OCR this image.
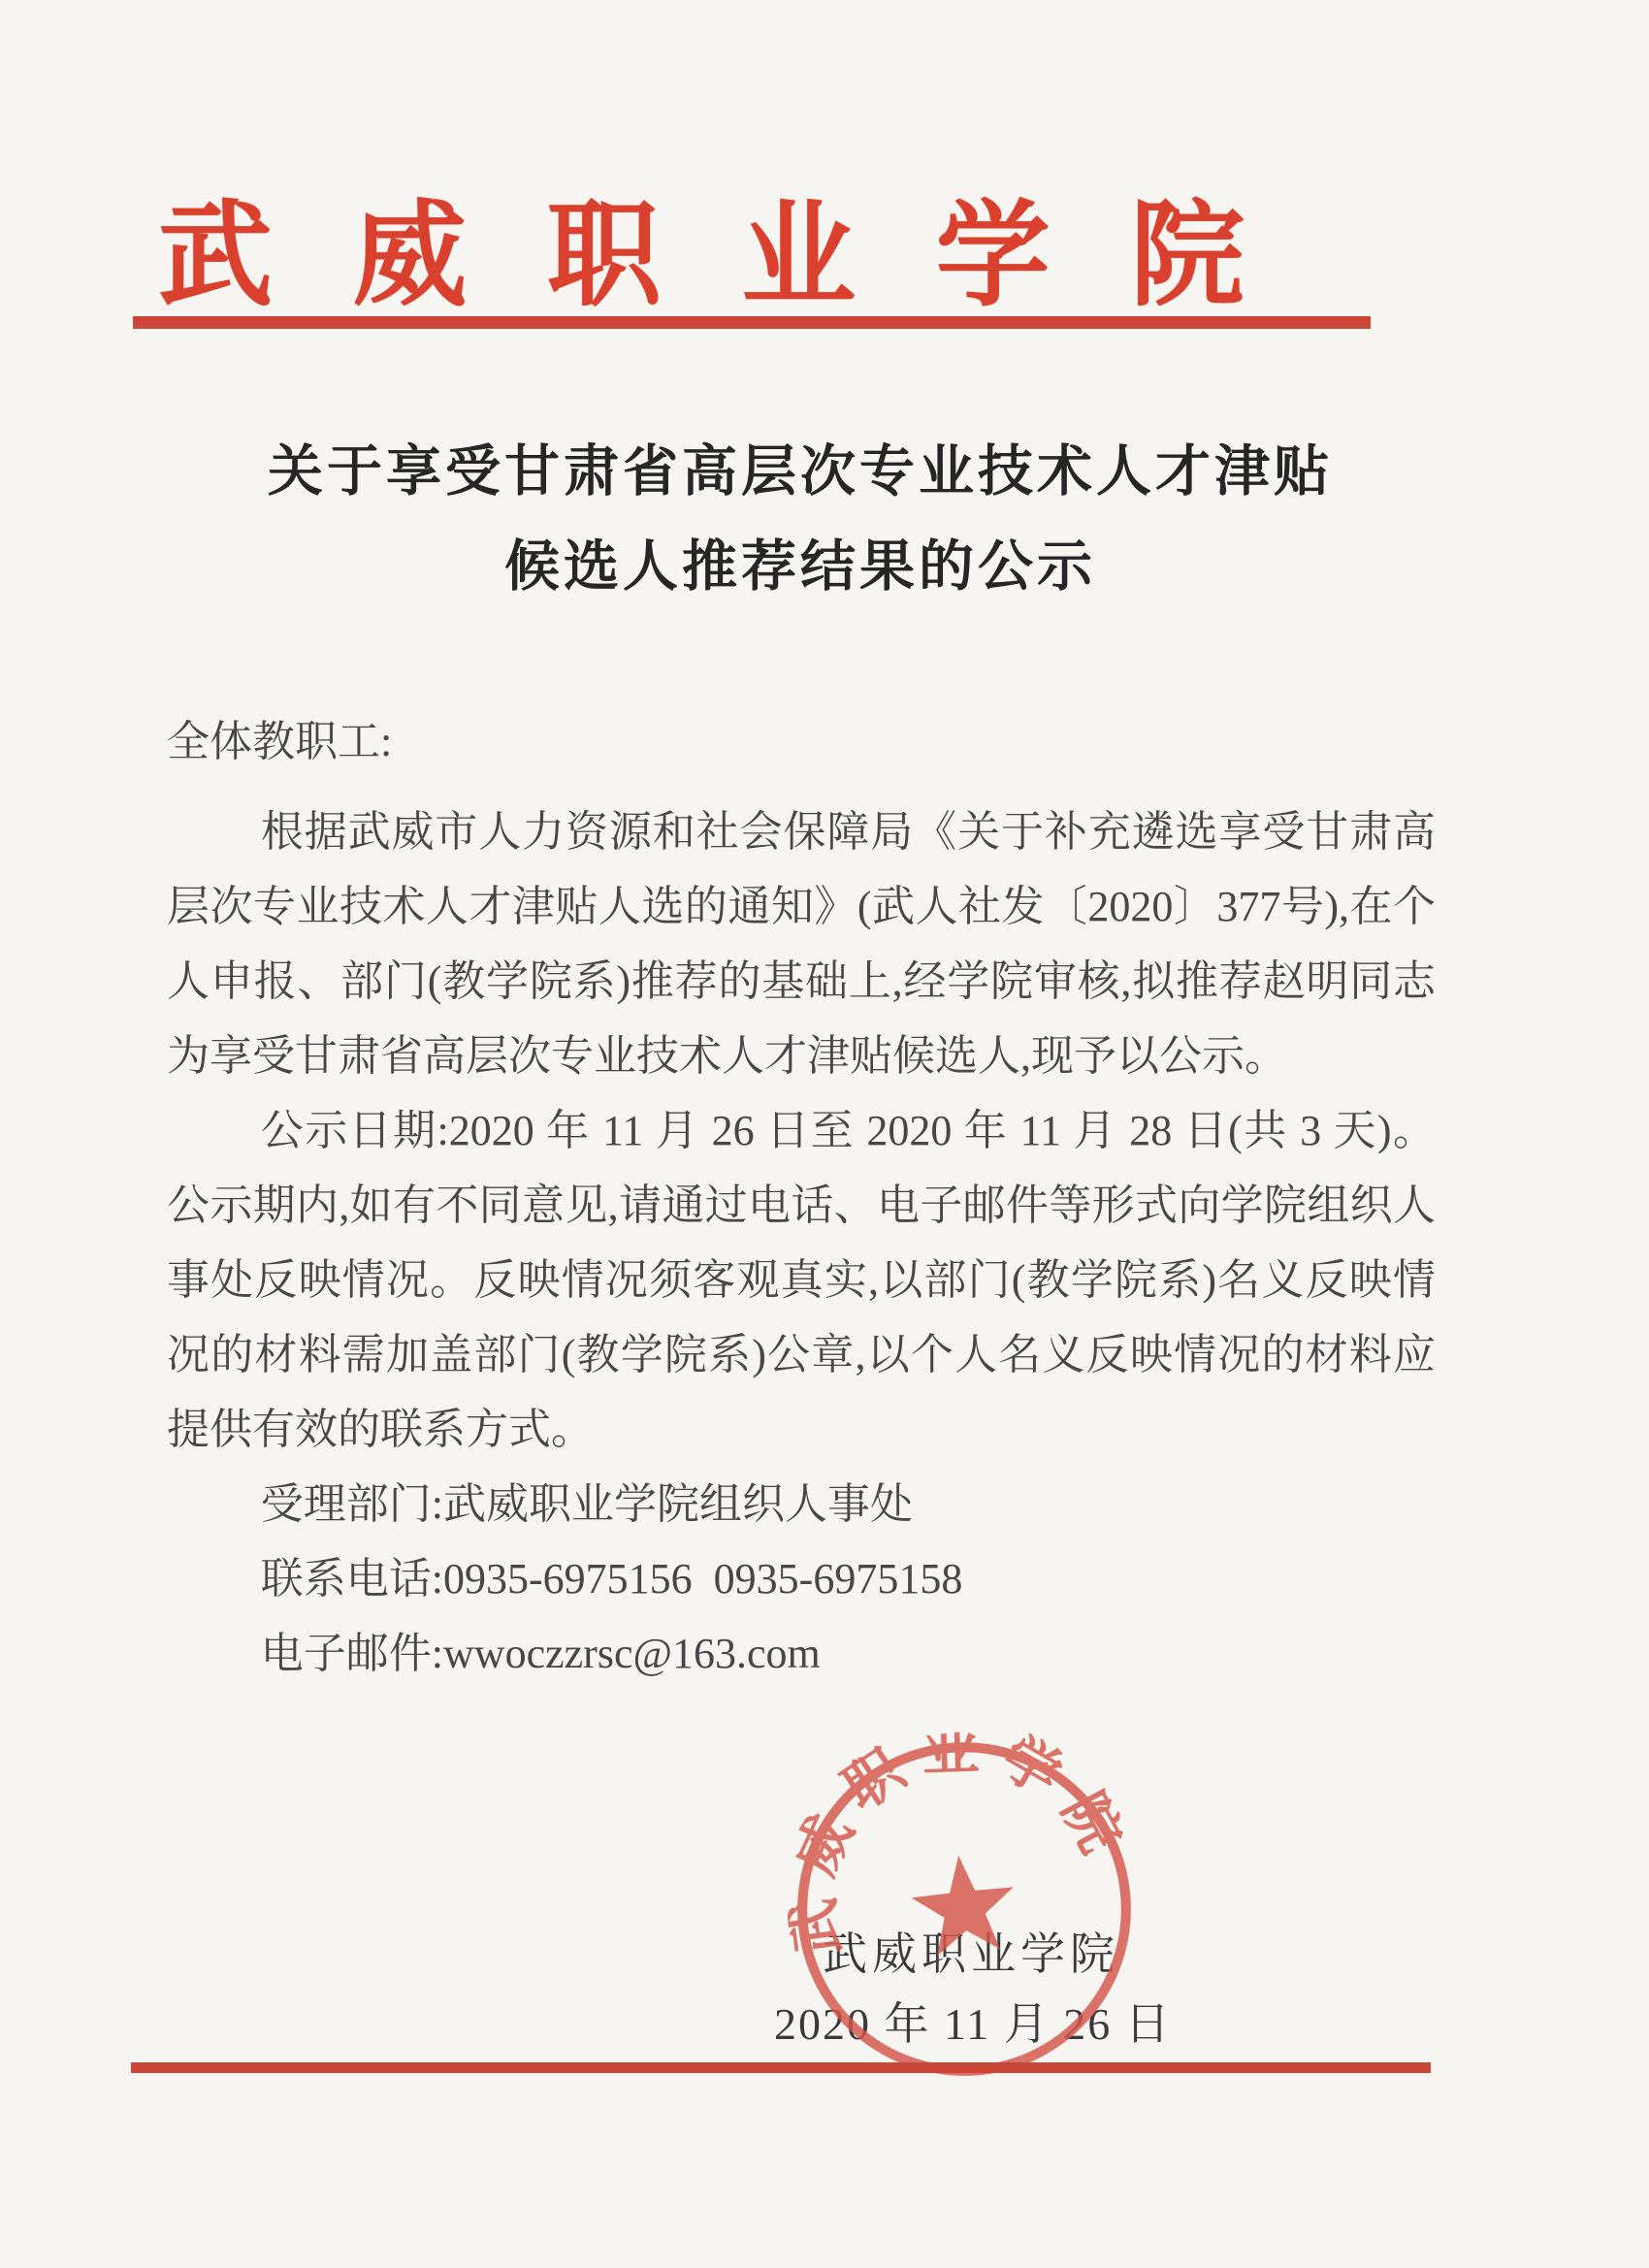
武 威 职 业 学 院
关于享受甘肃省高层次专业技术人才津贴
候选人推荐结果的公示

全体教职工:

根据武威市人力资源和社会保障局《关于补充遴选享受甘肃高层次专业技术人才津贴人选的通知》(武人社发〔2020〕377号),在个人申报、部门(教学院系)推荐的基础上,经学院审核,拟推荐赵明同志为享受甘肃省高层次专业技术人才津贴候选人,现予以公示。

公示日期:2020 年 11 月 26 日至 2020 年 11 月 28 日(共 3 天)。公示期内,如有不同意见,请通过电话、电子邮件等形式向学院组织人事处反映情况。反映情况须客观真实,以部门(教学院系)名义反映情况的材料需加盖部门(教学院系)公章,以个人名义反映情况的材料应提供有效的联系方式。

受理部门:武威职业学院组织人事处

联系电话:0935-6975156  0935-6975158

电子邮件:wwoczzrsc@163.com

武威职业学院
2020 年 11 月 26 日
武威职业学院
